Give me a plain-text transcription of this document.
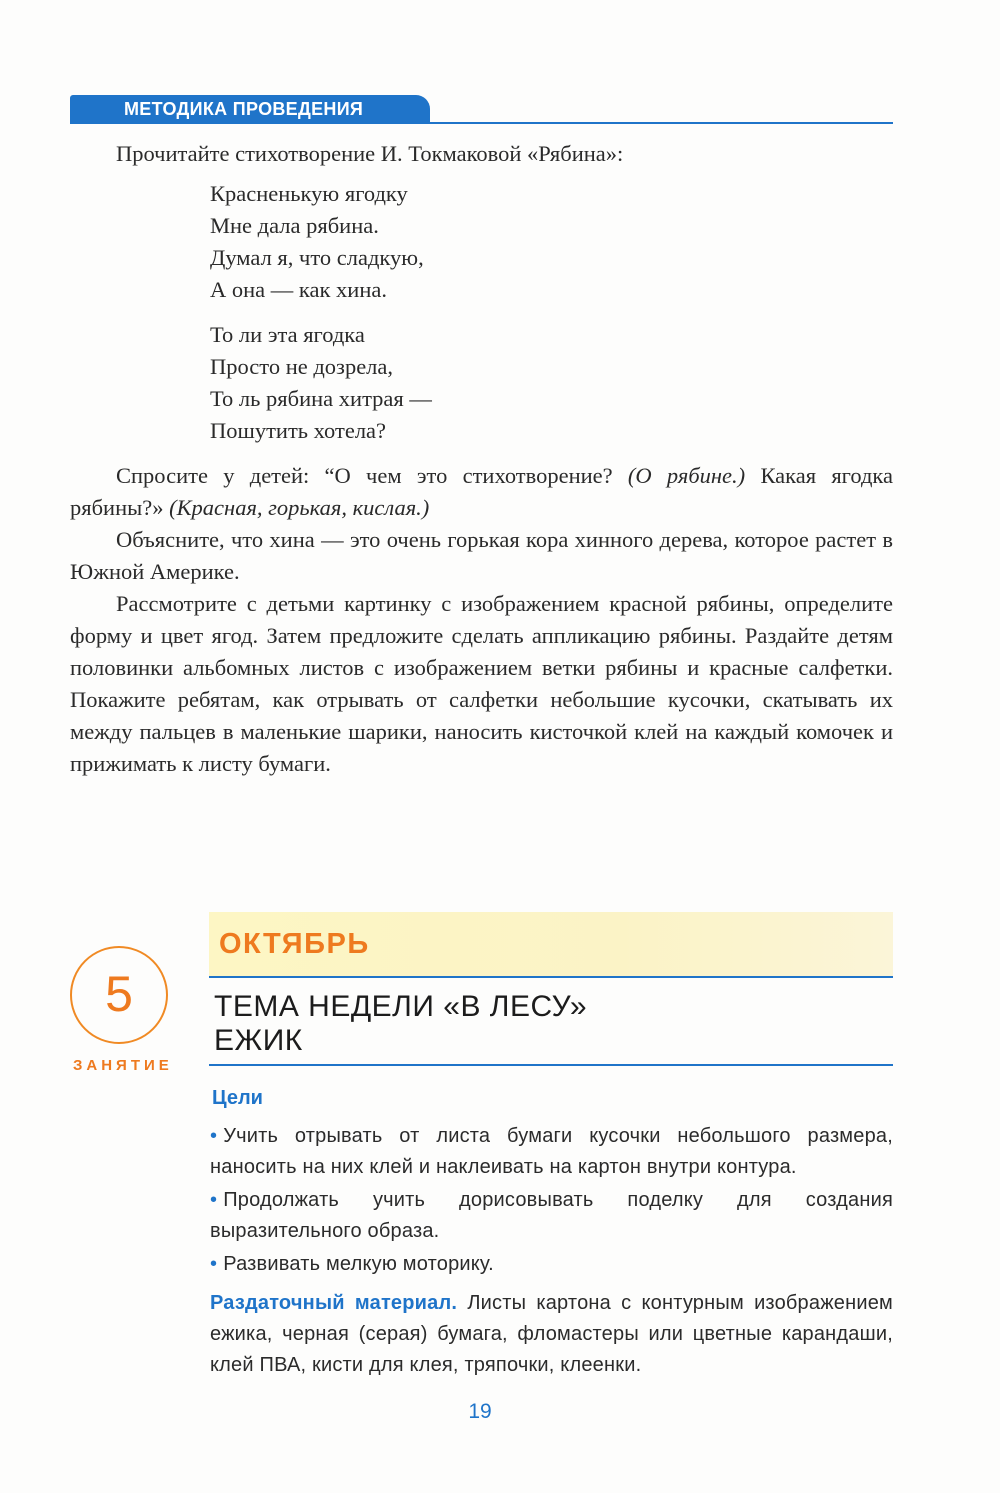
МЕТОДИКА ПРОВЕДЕНИЯ
Прочитайте стихотворение И. Токмаковой «Рябина»:
Красненькую ягодку
Мне дала рябина.
Думал я, что сладкую,
А она — как хина.
То ли эта ягодка
Просто не дозрела,
То ль рябина хитрая —
Пошутить хотела?

Спросите у детей: “О чем это стихотворение? (О рябине.) Какая ягодка рябины?» (Красная, горькая, кислая.)

Объясните, что хина — это очень горькая кора хинного дерева, которое растет в Южной Америке.

Рассмотрите с детьми картинку с изображением красной рябины, определите форму и цвет ягод. Затем предложите сделать аппликацию рябины. Раздайте детям половинки альбомных листов с изображением ветки рябины и красные салфетки. Покажите ребятам, как отрывать от салфетки небольшие кусочки, скатывать их между пальцев в маленькие шарики, наносить кисточкой клей на каждый комочек и прижимать к листу бумаги.

ОКТЯБРЬ
5
ЗАНЯТИЕ
ТЕМА НЕДЕЛИ «В ЛЕСУ»
ЕЖИК
Цели

• Учить отрывать от листа бумаги кусочки небольшого размера, наносить на них клей и наклеивать на картон внутри контура.

• Продолжать учить дорисовывать поделку для создания выразительного образа.

• Развивать мелкую моторику.

Раздаточный материал. Листы картона с контурным изображением ежика, черная (серая) бумага, фломастеры или цветные карандаши, клей ПВА, кисти для клея, тряпочки, клеенки.
19
